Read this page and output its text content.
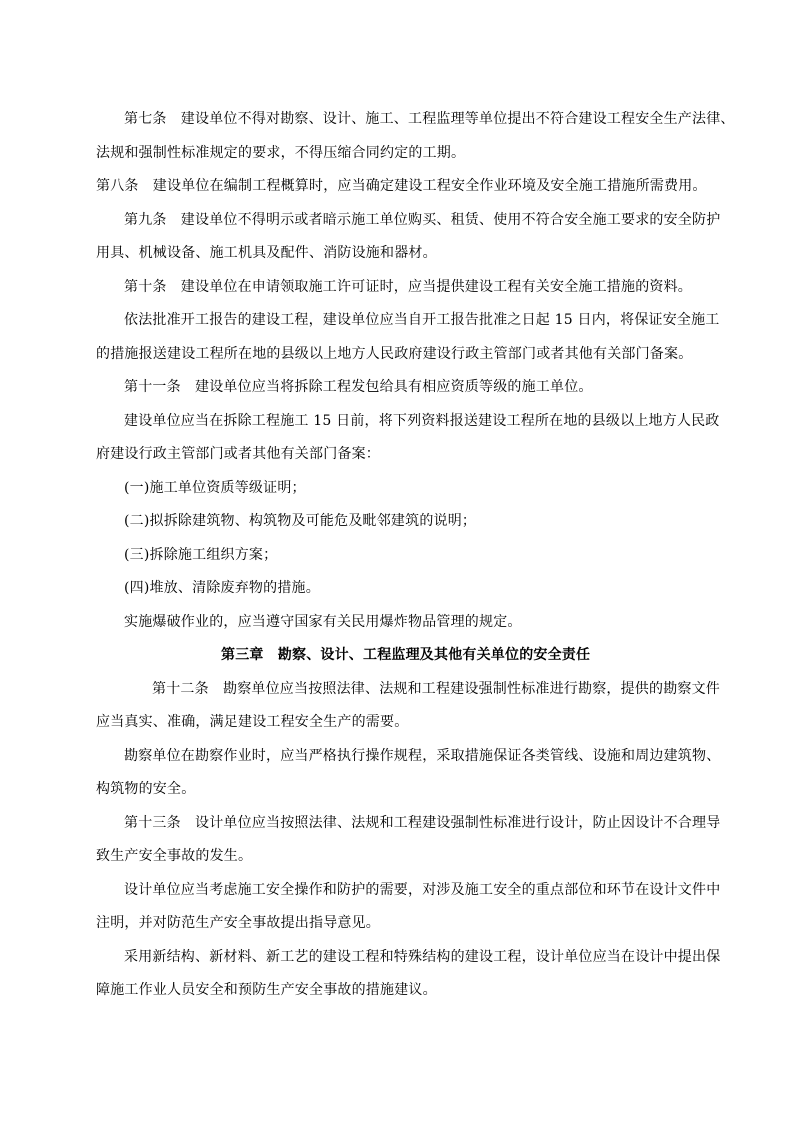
第七条　建设单位不得对勘察、设计、施工、工程监理等单位提出不符合建设工程安全生产法律、
法规和强制性标准规定的要求，不得压缩合同约定的工期。
第八条　建设单位在编制工程概算时，应当确定建设工程安全作业环境及安全施工措施所需费用。
第九条　建设单位不得明示或者暗示施工单位购买、租赁、使用不符合安全施工要求的安全防护
用具、机械设备、施工机具及配件、消防设施和器材。
第十条　建设单位在申请领取施工许可证时，应当提供建设工程有关安全施工措施的资料。
依法批准开工报告的建设工程，建设单位应当自开工报告批准之日起 15 日内，将保证安全施工
的措施报送建设工程所在地的县级以上地方人民政府建设行政主管部门或者其他有关部门备案。
第十一条　建设单位应当将拆除工程发包给具有相应资质等级的施工单位。
建设单位应当在拆除工程施工 15 日前，将下列资料报送建设工程所在地的县级以上地方人民政
府建设行政主管部门或者其他有关部门备案：
(一)施工单位资质等级证明；
(二)拟拆除建筑物、构筑物及可能危及毗邻建筑的说明；
(三)拆除施工组织方案；
(四)堆放、清除废弃物的措施。
实施爆破作业的，应当遵守国家有关民用爆炸物品管理的规定。
第三章　勘察、设计、工程监理及其他有关单位的安全责任
第十二条　勘察单位应当按照法律、法规和工程建设强制性标准进行勘察，提供的勘察文件
应当真实、准确，满足建设工程安全生产的需要。
勘察单位在勘察作业时，应当严格执行操作规程，采取措施保证各类管线、设施和周边建筑物、
构筑物的安全。
第十三条　设计单位应当按照法律、法规和工程建设强制性标准进行设计，防止因设计不合理导
致生产安全事故的发生。
设计单位应当考虑施工安全操作和防护的需要，对涉及施工安全的重点部位和环节在设计文件中
注明，并对防范生产安全事故提出指导意见。
采用新结构、新材料、新工艺的建设工程和特殊结构的建设工程，设计单位应当在设计中提出保
障施工作业人员安全和预防生产安全事故的措施建议。
